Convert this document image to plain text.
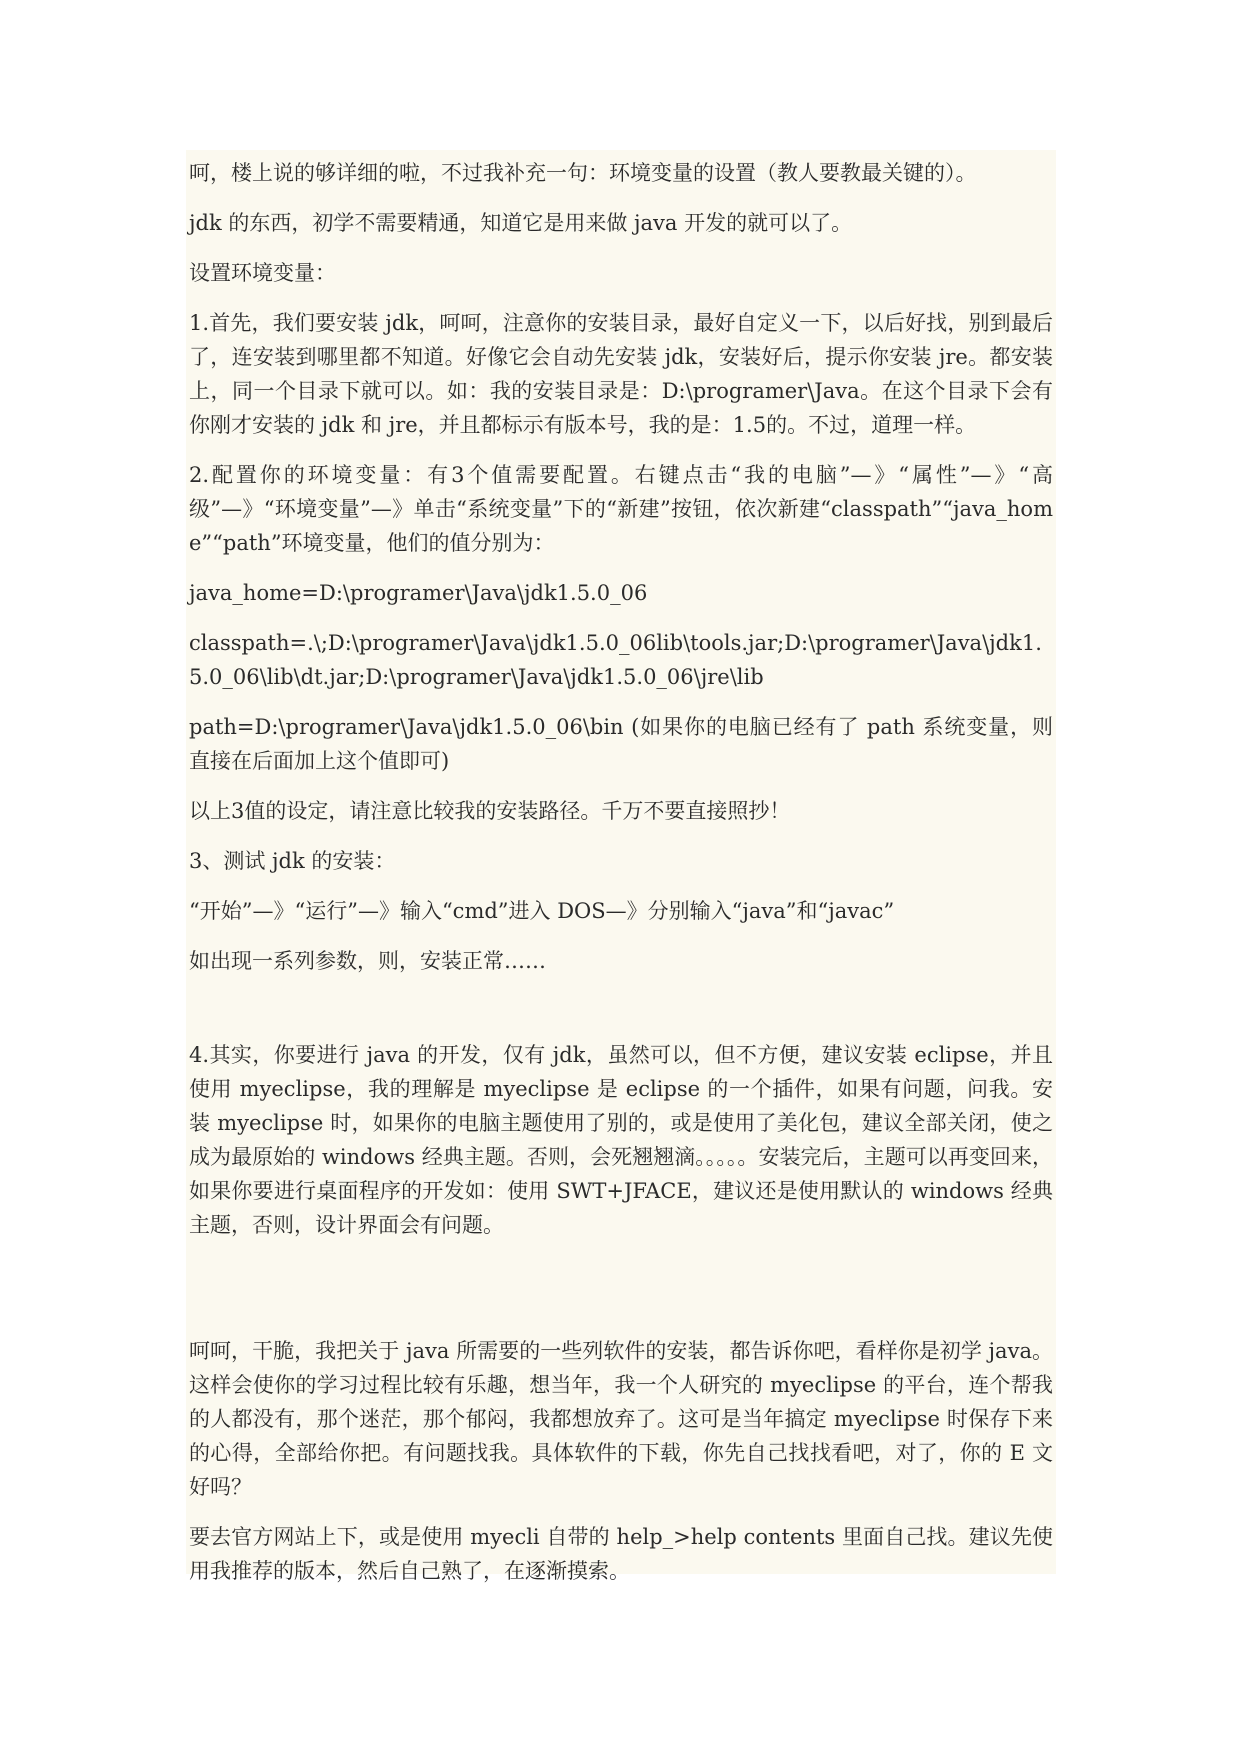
呵，楼上说的够详细的啦，不过我补充一句：环境变量的设置（教人要教最关键的）。

jdk 的东西，初学不需要精通，知道它是用来做 java 开发的就可以了。

设置环境变量：

1.首先，我们要安装 jdk，呵呵，注意你的安装目录，最好自定义一下，以后好找，别到最后了，连安装到哪里都不知道。好像它会自动先安装 jdk，安装好后，提示你安装 jre。都安装上，同一个目录下就可以。如：我的安装目录是：D:\programer\Java。在这个目录下会有你刚才安装的 jdk 和 jre，并且都标示有版本号，我的是：1.5的。不过，道理一样。

2.配置你的环境变量：有3个值需要配置。右键点击“我的电脑”—》“属性”—》“高级”—》“环境变量”—》单击“系统变量”下的“新建”按钮，依次新建“classpath”“java_home”“path”环境变量，他们的值分别为：

java_home=D:\programer\Java\jdk1.5.0_06

classpath=.\;D:\programer\Java\jdk1.5.0_06lib\tools.jar;D:\programer\Java\jdk1.5.0_06\lib\dt.jar;D:\programer\Java\jdk1.5.0_06\jre\lib

path=D:\programer\Java\jdk1.5.0_06\bin (如果你的电脑已经有了 path 系统变量，则直接在后面加上这个值即可)

以上3值的设定，请注意比较我的安装路径。千万不要直接照抄！

3、测试 jdk 的安装：

“开始”—》“运行”—》输入“cmd”进入 DOS—》分别输入“java”和“javac”

如出现一系列参数，则，安装正常……

4.其实，你要进行 java 的开发，仅有 jdk，虽然可以，但不方便，建议安装 eclipse，并且使用 myeclipse，我的理解是 myeclipse 是 eclipse 的一个插件，如果有问题，问我。安装 myeclipse 时，如果你的电脑主题使用了别的，或是使用了美化包，建议全部关闭，使之成为最原始的 windows 经典主题。否则，会死翘翘滴。。。。。安装完后，主题可以再变回来，如果你要进行桌面程序的开发如：使用 SWT+JFACE，建议还是使用默认的 windows 经典主题，否则，设计界面会有问题。

呵呵，干脆，我把关于 java 所需要的一些列软件的安装，都告诉你吧，看样你是初学 java。这样会使你的学习过程比较有乐趣，想当年，我一个人研究的 myeclipse 的平台，连个帮我的人都没有，那个迷茫，那个郁闷，我都想放弃了。这可是当年搞定 myeclipse 时保存下来的心得，全部给你把。有问题找我。具体软件的下载，你先自己找找看吧，对了，你的 E 文好吗？

要去官方网站上下，或是使用 myecli 自带的 help_>help contents 里面自己找。建议先使用我推荐的版本，然后自己熟了，在逐渐摸索。
